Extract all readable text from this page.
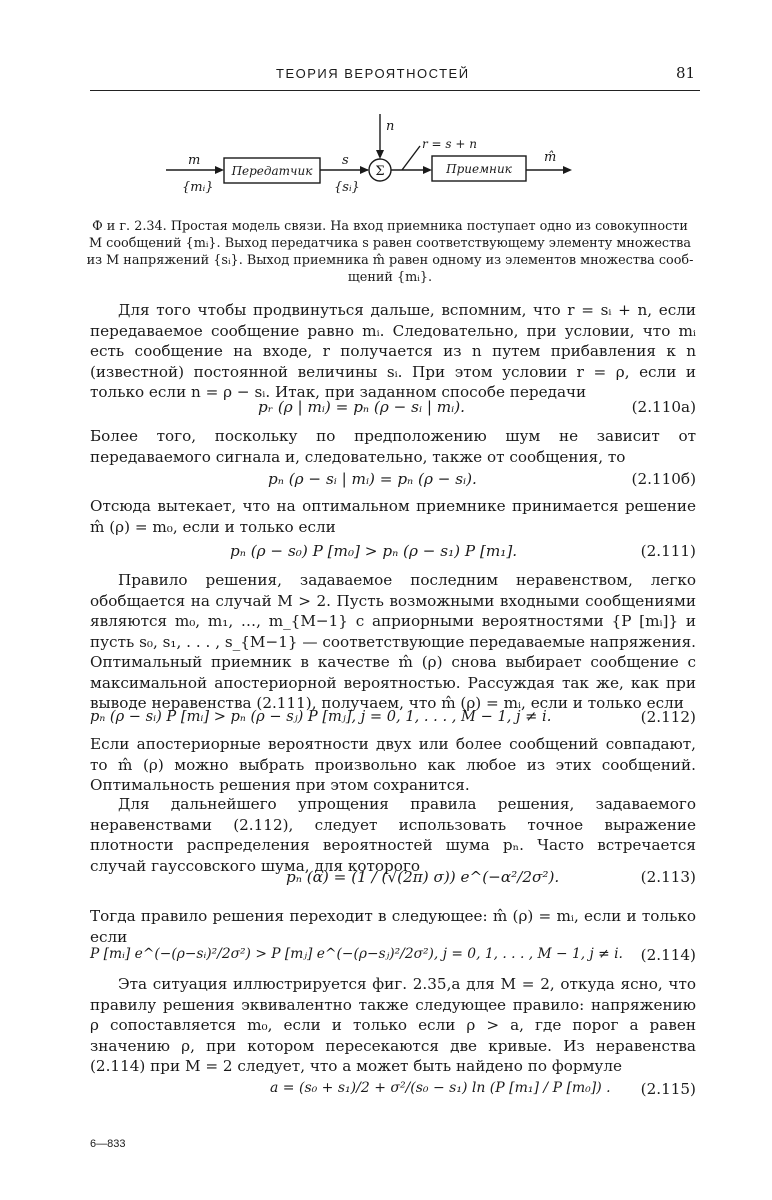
ТЕОРИЯ ВЕРОЯТНОСТЕЙ	81
m
{mᵢ}
Передатчик
s
{sᵢ}
Σ
n
r = s + n
Приемник
m̂
Ф и г. 2.34. Простая модель связи. На вход приемника поступает одно из совокупности
M сообщений {mᵢ}. Выход передатчика s равен соответствующему элементу множества
из M напряжений {sᵢ}. Выход приемника m̂ равен одному из элементов множества сооб-
щений {mᵢ}.
Для того чтобы продвинуться дальше, вспомним, что r = sᵢ + n, если передаваемое сообщение равно mᵢ. Следовательно, при условии, что mᵢ есть сообщение на входе, r получается из n путем прибавления к n (известной) постоянной величины sᵢ. При этом условии r = ρ, если и только если n = ρ − sᵢ. Итак, при заданном способе передачи
pᵣ (ρ | mᵢ) = pₙ (ρ − sᵢ | mᵢ).	(2.110а)
Более того, поскольку по предположению шум не зависит от передаваемого сигнала и, следовательно, также от сообщения, то
pₙ (ρ − sᵢ | mᵢ) = pₙ (ρ − sᵢ).	(2.110б)
Отсюда вытекает, что на оптимальном приемнике принимается решение m̂ (ρ) = m₀, если и только если
pₙ (ρ − s₀) P [m₀] > pₙ (ρ − s₁) P [m₁].	(2.111)
Правило решения, задаваемое последним неравенством, легко обобщается на случай M > 2. Пусть возможными входными сообщениями являются m₀, m₁, …, m_{M−1} с априорными вероятностями {P [mᵢ]} и пусть s₀, s₁, . . . , s_{M−1} — соответствующие передаваемые напряжения. Оптимальный приемник в качестве m̂ (ρ) снова выбирает сообщение с максимальной апостериорной вероятностью. Рассуждая так же, как при выводе неравенства (2.111), получаем, что m̂ (ρ) = mᵢ, если и только если
pₙ (ρ − sᵢ) P [mᵢ] > pₙ (ρ − sⱼ) P [mⱼ], j = 0, 1, . . . , M − 1, j ≠ i.	(2.112)
Если апостериорные вероятности двух или более сообщений совпадают, то m̂ (ρ) можно выбрать произвольно как любое из этих сообщений. Оптимальность решения при этом сохранится.
Для дальнейшего упрощения правила решения, задаваемого неравенствами (2.112), следует использовать точное выражение плотности распределения вероятностей шума pₙ. Часто встречается случай гауссовского шума, для которого
pₙ (α) = (1 / (√(2π) σ)) e^(−α²/2σ²).	(2.113)
Тогда правило решения переходит в следующее: m̂ (ρ) = mᵢ, если и только если
P [mᵢ] e^(−(ρ−sᵢ)²/2σ²) > P [mⱼ] e^(−(ρ−sⱼ)²/2σ²), j = 0, 1, . . . , M − 1, j ≠ i. (2.114)
Эта ситуация иллюстрируется фиг. 2.35,а для M = 2, откуда ясно, что правилу решения эквивалентно также следующее правило: напряжению ρ сопоставляется m₀, если и только если ρ > a, где порог a равен значению ρ, при котором пересекаются две кривые. Из неравенства (2.114) при M = 2 следует, что a может быть найдено по формуле
a = (s₀ + s₁)/2 + σ²/(s₀ − s₁) ln (P [m₁] / P [m₀]) . (2.115)
6—833
